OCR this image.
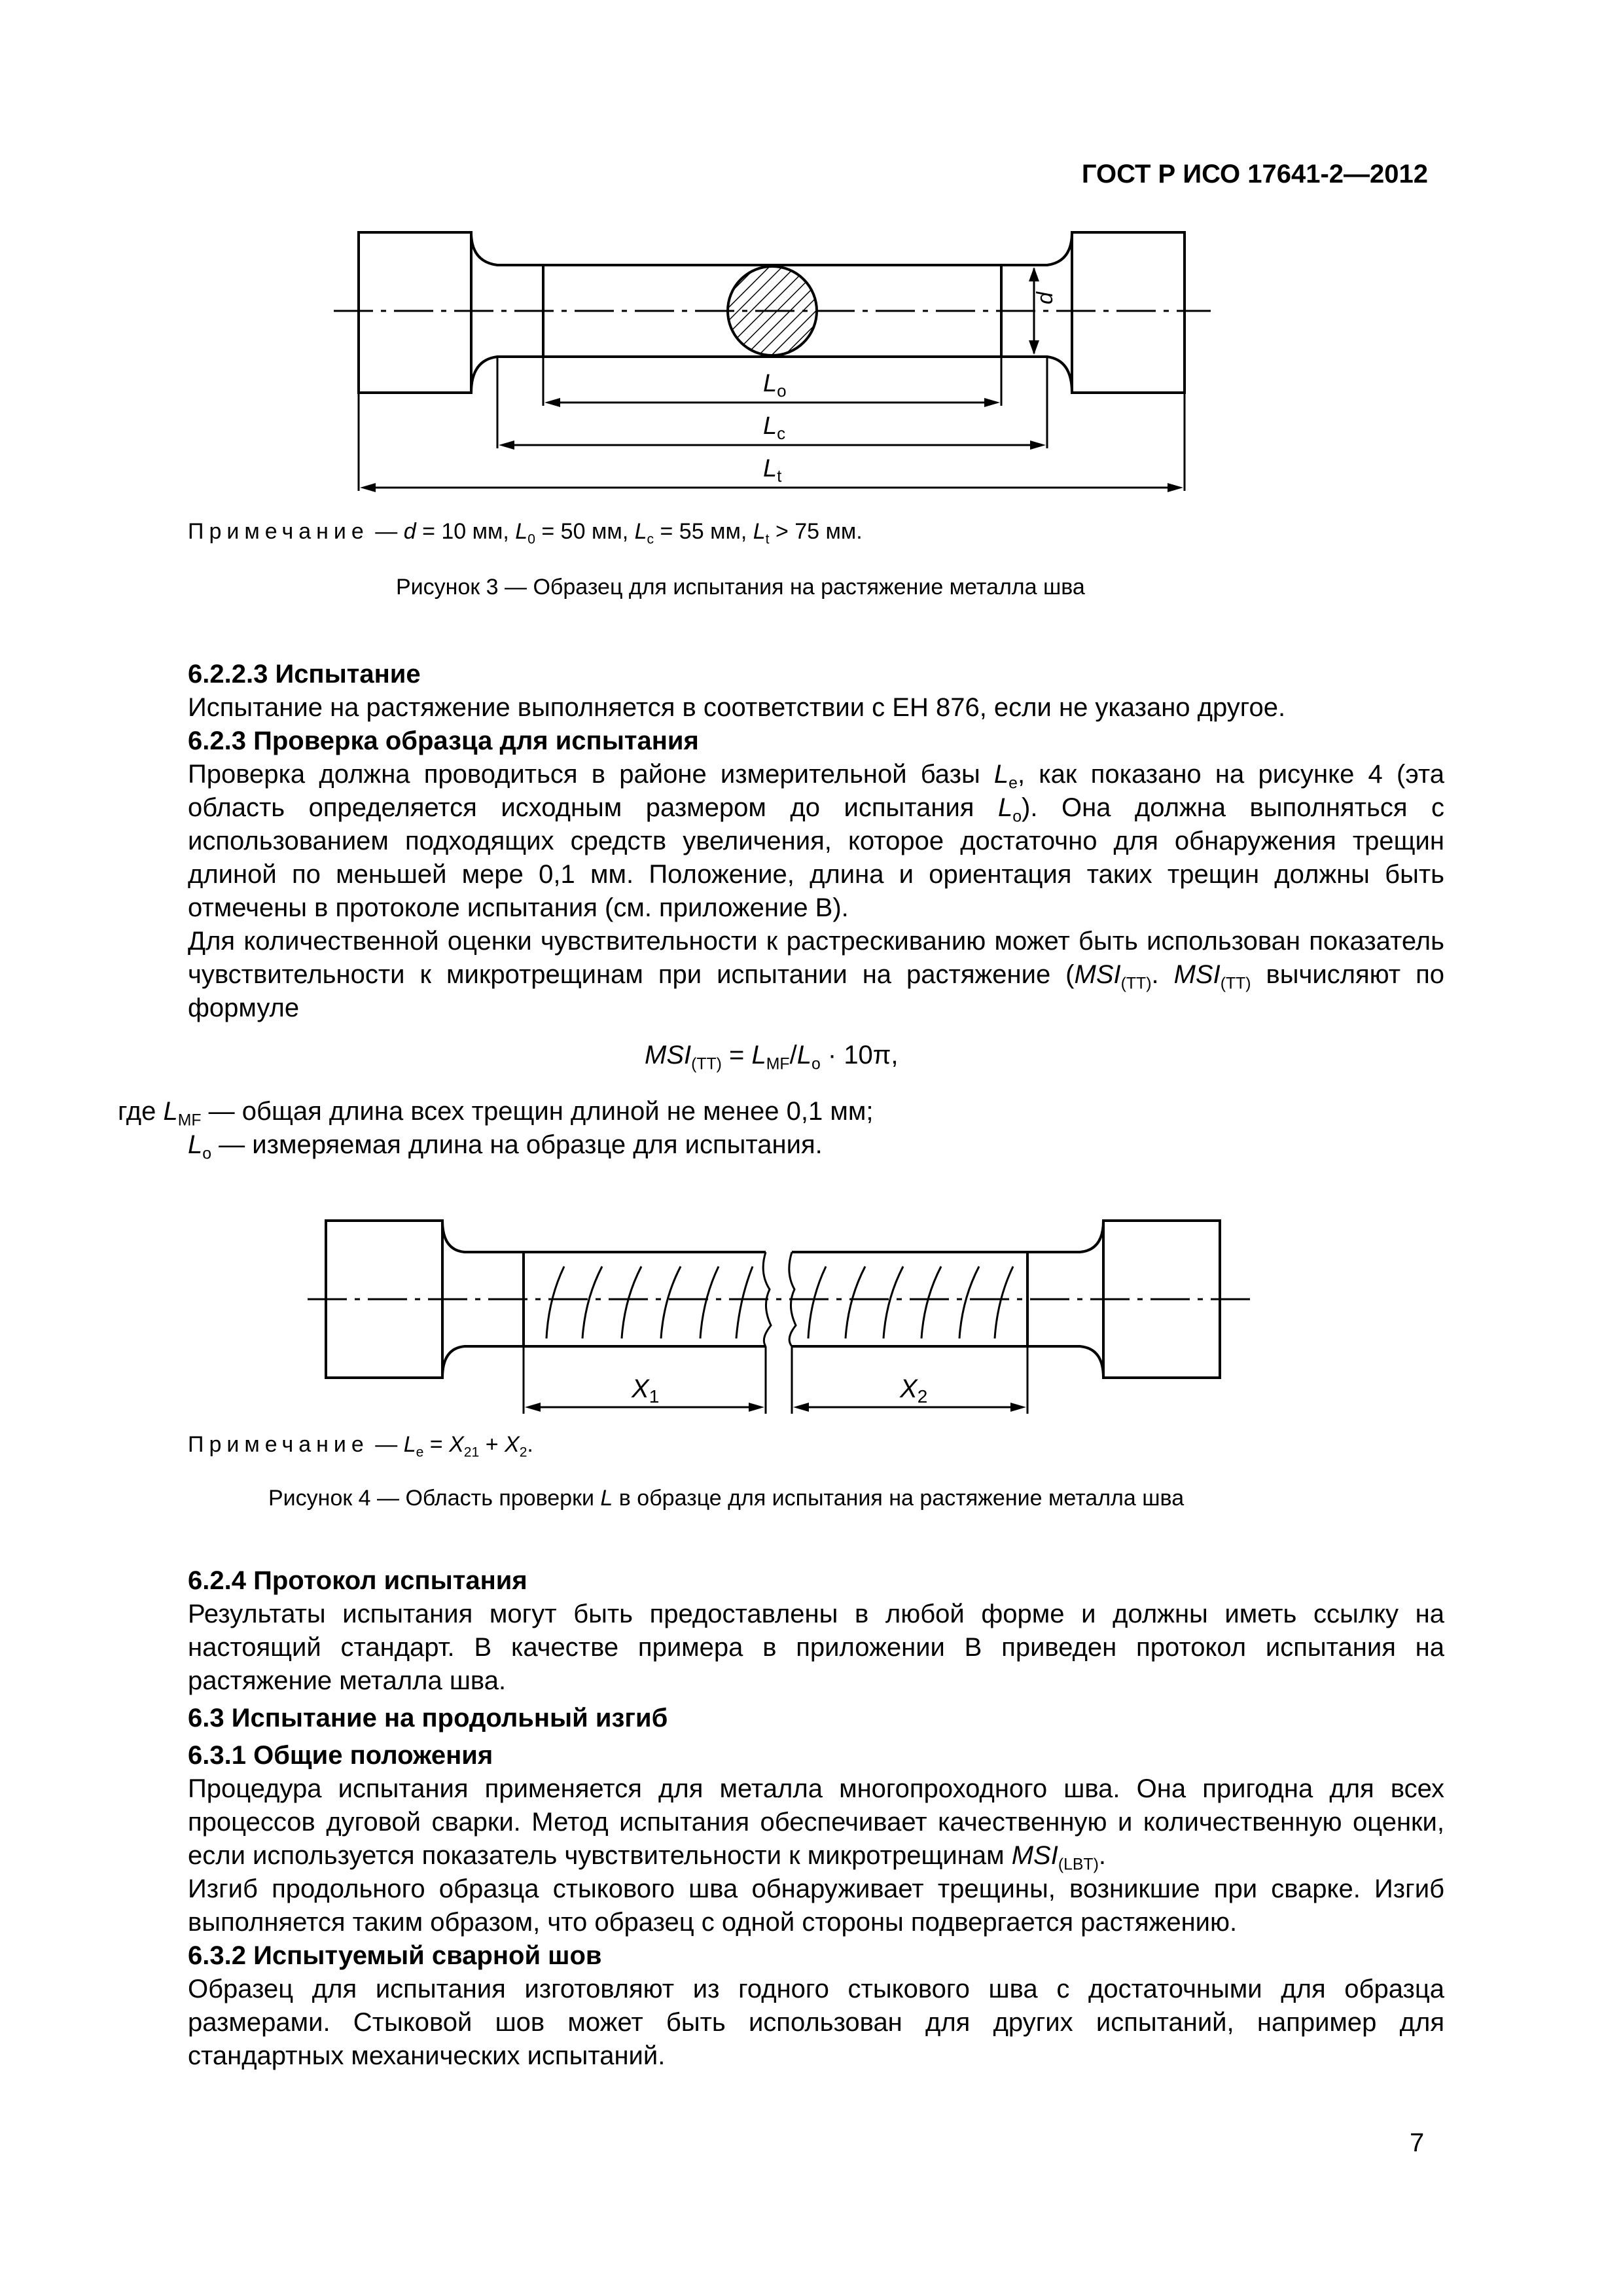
ГОСТ Р ИСО 17641-2—2012
d
$L_o$
$L_c$
$L_t$
Примечание — d = 10 мм, $L_0 = 50$ мм, $L_c = 55$ мм, $L_t > 75$ мм.
Рисунок 3 — Образец для испытания на растяжение металла шва
6.2.2.3 Испытание

Испытание на растяжение выполняется в соответствии с ЕН 876, если не указано другое.

6.2.3 Проверка образца для испытания

Проверка должна проводиться в районе измерительной базы $L_e$, как показано на рисунке 4 (эта область определяется исходным размером до испытания $L_o$). Она должна выполняться с использованием подходящих средств увеличения, которое достаточно для обнаружения трещин длиной по меньшей мере 0,1 мм. Положение, длина и ориентация таких трещин должны быть отмечены в протоколе испытания (см. приложение В).

Для количественной оценки чувствительности к растрескиванию может быть использован показатель чувствительности к микротрещинам при испытании на растяжение ($MSI_{(TT)}$. $MSI_{(TT)}$ вычисляют по формуле

$MSI_{(TT)} = L_{MF}/L_o \cdot 10\pi$,
где $L_{MF}$ — общая длина всех трещин длиной не менее 0,1 мм;
$L_o$ — измеряемая длина на образце для испытания.
$X_1$	$X_2$
Примечание — $L_e = X_{21} + X_2$.
Рисунок 4 — Область проверки L в образце для испытания на растяжение металла шва
6.2.4 Протокол испытания

Результаты испытания могут быть предоставлены в любой форме и должны иметь ссылку на настоящий стандарт. В качестве примера в приложении В приведен протокол испытания на растяжение металла шва.

6.3 Испытание на продольный изгиб
6.3.1 Общие положения

Процедура испытания применяется для металла многопроходного шва. Она пригодна для всех процессов дуговой сварки. Метод испытания обеспечивает качественную и количественную оценки, если используется показатель чувствительности к микротрещинам $MSI_{(LBT)}$.

Изгиб продольного образца стыкового шва обнаруживает трещины, возникшие при сварке. Изгиб выполняется таким образом, что образец с одной стороны подвергается растяжению.

6.3.2 Испытуемый сварной шов

Образец для испытания изготовляют из годного стыкового шва с достаточными для образца размерами. Стыковой шов может быть использован для других испытаний, например для стандартных механических испытаний.

7
